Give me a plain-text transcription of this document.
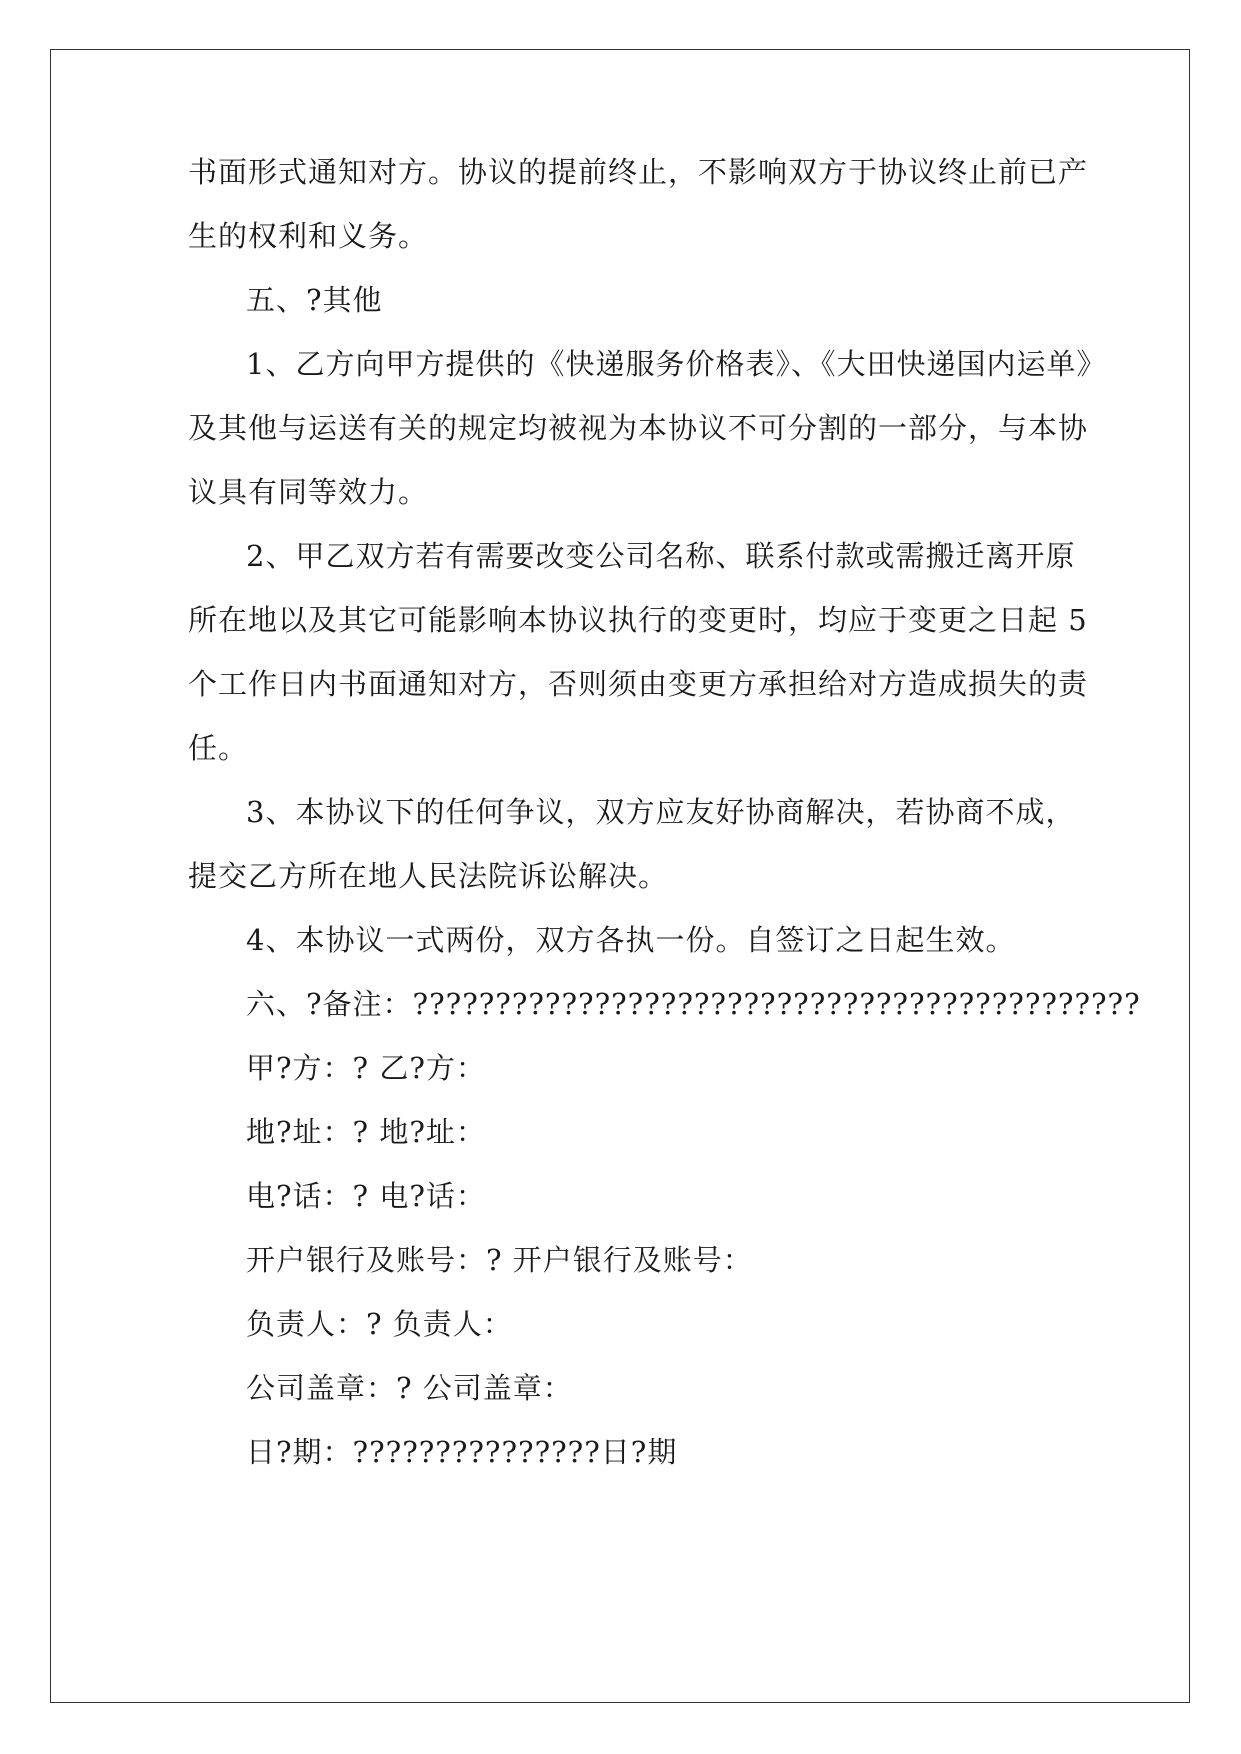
书面形式通知对方。协议的提前终止，不影响双方于协议终止前已产
生的权利和义务。
五、?其他
1、乙方向甲方提供的《快递服务价格表》、《大田快递国内运单》
及其他与运送有关的规定均被视为本协议不可分割的一部分，与本协
议具有同等效力。
2、甲乙双方若有需要改变公司名称、联系付款或需搬迁离开原
所在地以及其它可能影响本协议执行的变更时，均应于变更之日起 5
个工作日内书面通知对方，否则须由变更方承担给对方造成损失的责
任。
3、本协议下的任何争议，双方应友好协商解决，若协商不成，
提交乙方所在地人民法院诉讼解决。
4、本协议一式两份，双方各执一份。自签订之日起生效。
六、?备注：????????????????????????????????????????????
甲?方：? 乙?方：
地?址：? 地?址：
电?话：? 电?话：
开户银行及账号：? 开户银行及账号：
负责人：? 负责人：
公司盖章：? 公司盖章：
日?期：???????????????日?期
